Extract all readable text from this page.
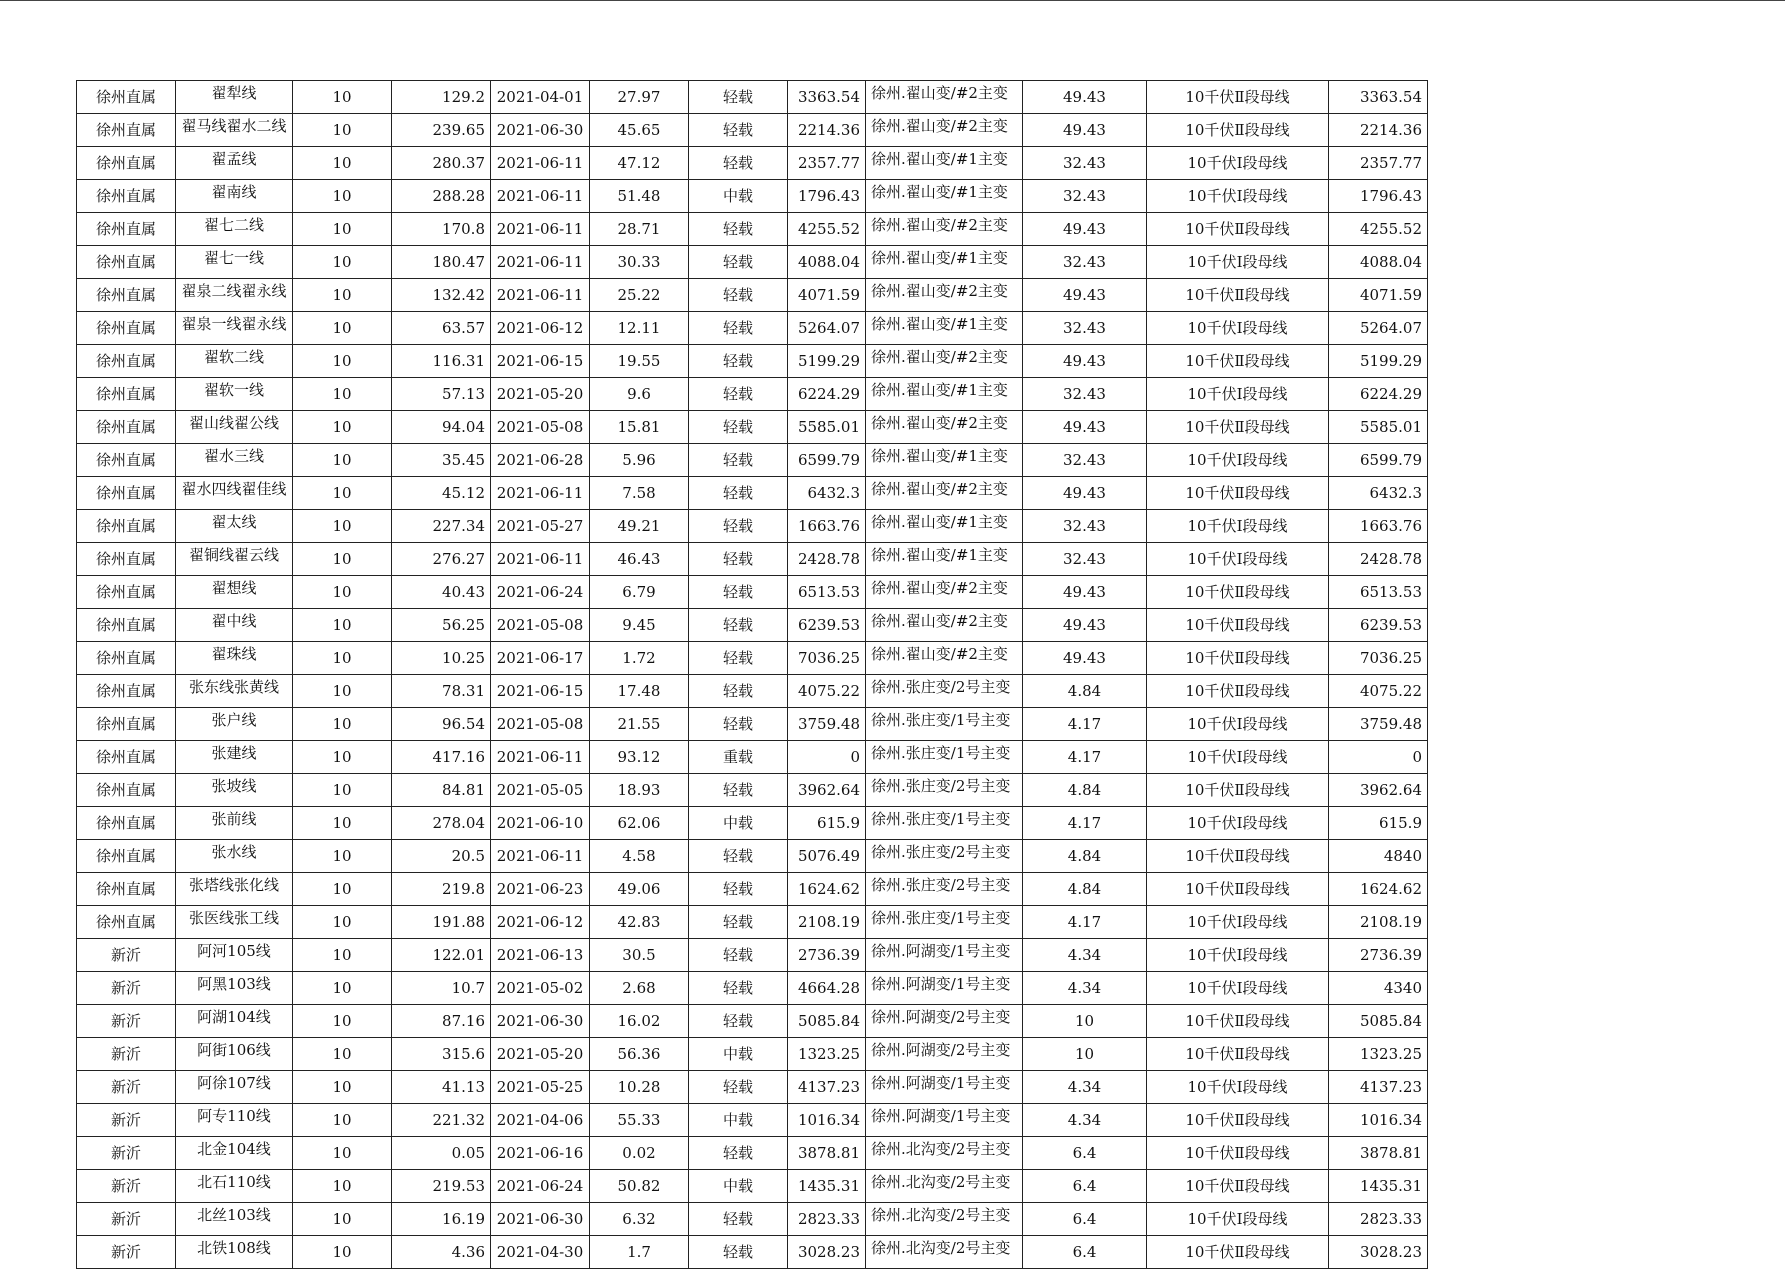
徐州直属	翟犁线	10	129.2	2021-04-01	27.97	轻载	3363.54	徐州.翟山变/#2主变	49.43	10千伏Ⅱ段母线	3363.54
徐州直属	翟马线翟水二线	10	239.65	2021-06-30	45.65	轻载	2214.36	徐州.翟山变/#2主变	49.43	10千伏Ⅱ段母线	2214.36
徐州直属	翟孟线	10	280.37	2021-06-11	47.12	轻载	2357.77	徐州.翟山变/#1主变	32.43	10千伏Ⅰ段母线	2357.77
徐州直属	翟南线	10	288.28	2021-06-11	51.48	中载	1796.43	徐州.翟山变/#1主变	32.43	10千伏Ⅰ段母线	1796.43
徐州直属	翟七二线	10	170.8	2021-06-11	28.71	轻载	4255.52	徐州.翟山变/#2主变	49.43	10千伏Ⅱ段母线	4255.52
徐州直属	翟七一线	10	180.47	2021-06-11	30.33	轻载	4088.04	徐州.翟山变/#1主变	32.43	10千伏Ⅰ段母线	4088.04
徐州直属	翟泉二线翟永线	10	132.42	2021-06-11	25.22	轻载	4071.59	徐州.翟山变/#2主变	49.43	10千伏Ⅱ段母线	4071.59
徐州直属	翟泉一线翟永线	10	63.57	2021-06-12	12.11	轻载	5264.07	徐州.翟山变/#1主变	32.43	10千伏Ⅰ段母线	5264.07
徐州直属	翟软二线	10	116.31	2021-06-15	19.55	轻载	5199.29	徐州.翟山变/#2主变	49.43	10千伏Ⅱ段母线	5199.29
徐州直属	翟软一线	10	57.13	2021-05-20	9.6	轻载	6224.29	徐州.翟山变/#1主变	32.43	10千伏Ⅰ段母线	6224.29
徐州直属	翟山线翟公线	10	94.04	2021-05-08	15.81	轻载	5585.01	徐州.翟山变/#2主变	49.43	10千伏Ⅱ段母线	5585.01
徐州直属	翟水三线	10	35.45	2021-06-28	5.96	轻载	6599.79	徐州.翟山变/#1主变	32.43	10千伏Ⅰ段母线	6599.79
徐州直属	翟水四线翟佳线	10	45.12	2021-06-11	7.58	轻载	6432.3	徐州.翟山变/#2主变	49.43	10千伏Ⅱ段母线	6432.3
徐州直属	翟太线	10	227.34	2021-05-27	49.21	轻载	1663.76	徐州.翟山变/#1主变	32.43	10千伏Ⅰ段母线	1663.76
徐州直属	翟铜线翟云线	10	276.27	2021-06-11	46.43	轻载	2428.78	徐州.翟山变/#1主变	32.43	10千伏Ⅰ段母线	2428.78
徐州直属	翟想线	10	40.43	2021-06-24	6.79	轻载	6513.53	徐州.翟山变/#2主变	49.43	10千伏Ⅱ段母线	6513.53
徐州直属	翟中线	10	56.25	2021-05-08	9.45	轻载	6239.53	徐州.翟山变/#2主变	49.43	10千伏Ⅱ段母线	6239.53
徐州直属	翟珠线	10	10.25	2021-06-17	1.72	轻载	7036.25	徐州.翟山变/#2主变	49.43	10千伏Ⅱ段母线	7036.25
徐州直属	张东线张黄线	10	78.31	2021-06-15	17.48	轻载	4075.22	徐州.张庄变/2号主变	4.84	10千伏Ⅱ段母线	4075.22
徐州直属	张户线	10	96.54	2021-05-08	21.55	轻载	3759.48	徐州.张庄变/1号主变	4.17	10千伏Ⅰ段母线	3759.48
徐州直属	张建线	10	417.16	2021-06-11	93.12	重载	0	徐州.张庄变/1号主变	4.17	10千伏Ⅰ段母线	0
徐州直属	张坡线	10	84.81	2021-05-05	18.93	轻载	3962.64	徐州.张庄变/2号主变	4.84	10千伏Ⅱ段母线	3962.64
徐州直属	张前线	10	278.04	2021-06-10	62.06	中载	615.9	徐州.张庄变/1号主变	4.17	10千伏Ⅰ段母线	615.9
徐州直属	张水线	10	20.5	2021-06-11	4.58	轻载	5076.49	徐州.张庄变/2号主变	4.84	10千伏Ⅱ段母线	4840
徐州直属	张塔线张化线	10	219.8	2021-06-23	49.06	轻载	1624.62	徐州.张庄变/2号主变	4.84	10千伏Ⅱ段母线	1624.62
徐州直属	张医线张工线	10	191.88	2021-06-12	42.83	轻载	2108.19	徐州.张庄变/1号主变	4.17	10千伏Ⅰ段母线	2108.19
新沂	阿河105线	10	122.01	2021-06-13	30.5	轻载	2736.39	徐州.阿湖变/1号主变	4.34	10千伏Ⅰ段母线	2736.39
新沂	阿黑103线	10	10.7	2021-05-02	2.68	轻载	4664.28	徐州.阿湖变/1号主变	4.34	10千伏Ⅰ段母线	4340
新沂	阿湖104线	10	87.16	2021-06-30	16.02	轻载	5085.84	徐州.阿湖变/2号主变	10	10千伏Ⅱ段母线	5085.84
新沂	阿街106线	10	315.6	2021-05-20	56.36	中载	1323.25	徐州.阿湖变/2号主变	10	10千伏Ⅱ段母线	1323.25
新沂	阿徐107线	10	41.13	2021-05-25	10.28	轻载	4137.23	徐州.阿湖变/1号主变	4.34	10千伏Ⅰ段母线	4137.23
新沂	阿专110线	10	221.32	2021-04-06	55.33	中载	1016.34	徐州.阿湖变/1号主变	4.34	10千伏Ⅱ段母线	1016.34
新沂	北金104线	10	0.05	2021-06-16	0.02	轻载	3878.81	徐州.北沟变/2号主变	6.4	10千伏Ⅱ段母线	3878.81
新沂	北石110线	10	219.53	2021-06-24	50.82	中载	1435.31	徐州.北沟变/2号主变	6.4	10千伏Ⅱ段母线	1435.31
新沂	北丝103线	10	16.19	2021-06-30	6.32	轻载	2823.33	徐州.北沟变/2号主变	6.4	10千伏Ⅰ段母线	2823.33
新沂	北铁108线	10	4.36	2021-04-30	1.7	轻载	3028.23	徐州.北沟变/2号主变	6.4	10千伏Ⅱ段母线	3028.23
